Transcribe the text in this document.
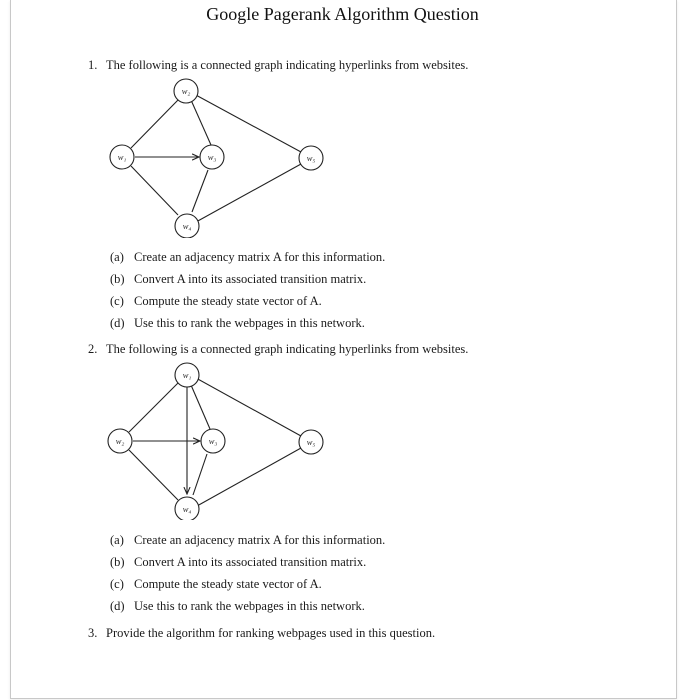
Google Pagerank Algorithm Question
1. The following is a connected graph indicating hyperlinks from websites.
w₂
w₁	w₃	w₅
w₄
(a) Create an adjacency matrix A for this information.
(b) Convert A into its associated transition matrix.
(c) Compute the steady state vector of A.
(d) Use this to rank the webpages in this network.
2. The following is a connected graph indicating hyperlinks from websites.
w₁
w₂	w₃	w₅
w₄
(a) Create an adjacency matrix A for this information.
(b) Convert A into its associated transition matrix.
(c) Compute the steady state vector of A.
(d) Use this to rank the webpages in this network.
3. Provide the algorithm for ranking webpages used in this question.
